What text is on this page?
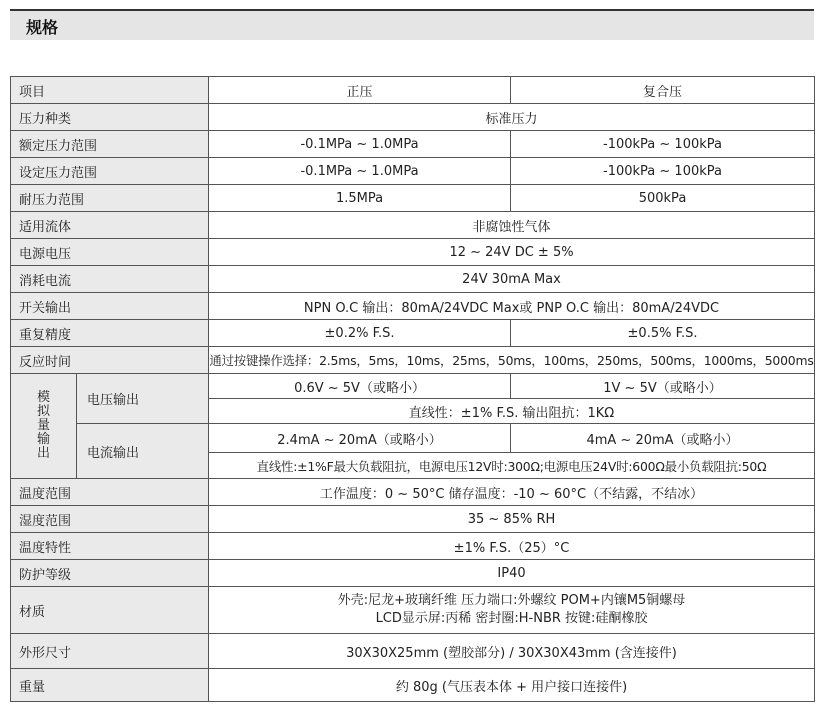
规格
项目		正压	复合压
压力种类		标准压力	
额定压力范围		-0.1MPa ~ 1.0MPa	-100kPa ~ 100kPa
设定压力范围		-0.1MPa ~ 1.0MPa	-100kPa ~ 100kPa
耐压力范围		1.5MPa	500kPa
适用流体		非腐蚀性气体	
电源电压		12 ~ 24V DC ± 5%	
消耗电流		24V 30mA Max	
开关输出		NPN O.C 输出：80mA/24VDC Max或 PNP O.C 输出：80mA/24VDC	
重复精度		±0.2% F.S.	±0.5% F.S.
反应时间		通过按键操作选择：2.5ms，5ms，10ms，25ms，50ms，100ms，250ms，500ms，1000ms，5000ms	
模拟量输出	电压输出	0.6V ~ 5V（或略小）	1V ~ 5V（或略小）
		直线性：±1% F.S. 输出阻抗：1KΩ	
	电流输出	2.4mA ~ 20mA（或略小）	4mA ~ 20mA（或略小）
		直线性:±1%F最大负载阻抗，电源电压12V时:300Ω;电源电压24V时:600Ω最小负载阻抗:50Ω	
温度范围		工作温度：0 ~ 50°C 储存温度：-10 ~ 60°C（不结露，不结冰）	
湿度范围		35 ~ 85% RH	
温度特性		±1% F.S.（25）°C	
防护等级		IP40	
材质		外壳:尼龙+玻璃纤维 压力端口:外螺纹 POM+内镶M5铜螺母
LCD显示屏:丙稀 密封圈:H-NBR 按键:硅酮橡胶	

外形尺寸		30X30X25mm (塑胶部分) / 30X30X43mm (含连接件)	
重量		约 80g (气压表本体 + 用户接口连接件)	
